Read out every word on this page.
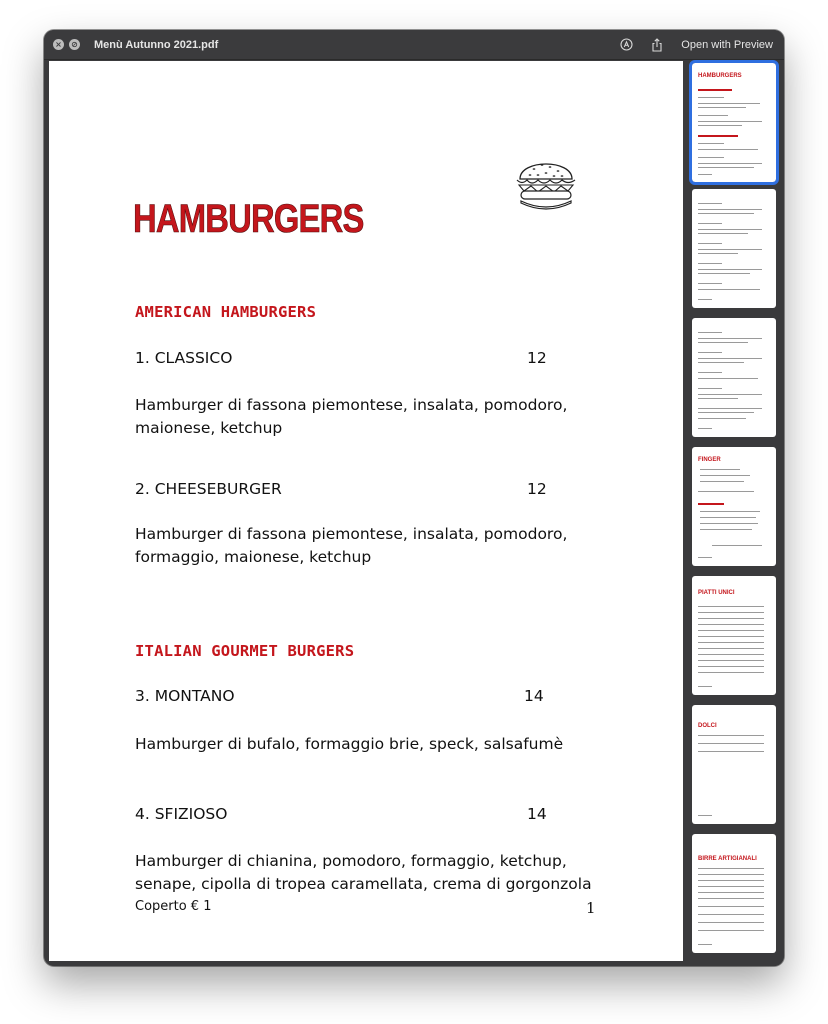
× ⊘ Menù Autunno 2021.pdf	Open with Preview
HAMBURGERS
AMERICAN HAMBURGERS
1. CLASSICO	12
Hamburger di fassona piemontese, insalata, pomodoro, maionese, ketchup
2. CHEESEBURGER	12
Hamburger di fassona piemontese, insalata, pomodoro, formaggio, maionese, ketchup
ITALIAN GOURMET BURGERS
3. MONTANO	14
Hamburger di bufalo, formaggio brie, speck, salsafumè
4. SFIZIOSO	14
Hamburger di chianina, pomodoro, formaggio, ketchup, senape, cipolla di tropea caramellata, crema di gorgonzola
Coperto € 1	1
HAMBURGERS
FINGER
PIATTI UNICI
DOLCI
BIRRE ARTIGIANALI
